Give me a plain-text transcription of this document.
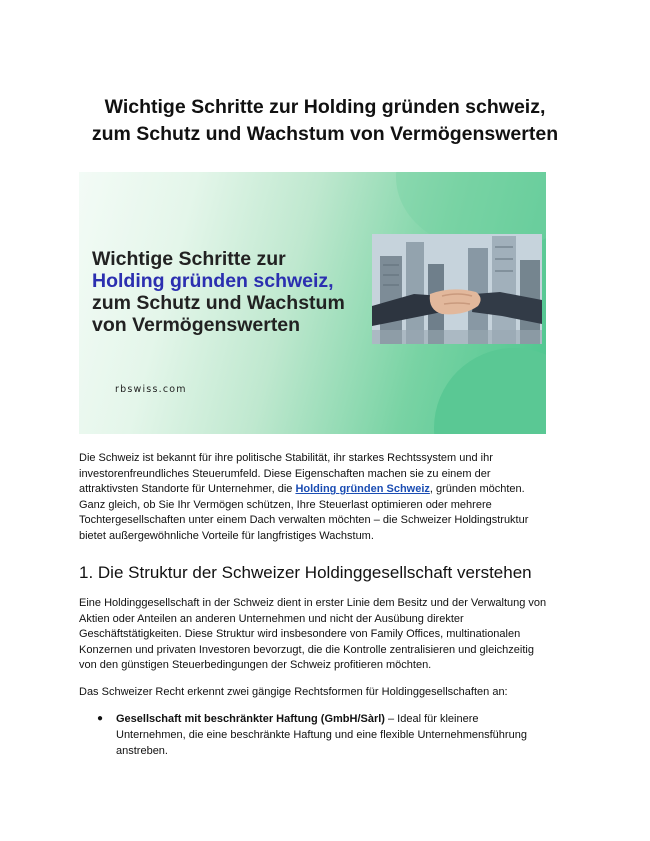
Wichtige Schritte zur Holding gründen schweiz,
zum Schutz und Wachstum von Vermögenswerten
Wichtige Schritte zur
Holding gründen schweiz,
zum Schutz und Wachstum
von Vermögenswerten
rbswiss.com
Die Schweiz ist bekannt für ihre politische Stabilität, ihr starkes Rechtssystem und ihr
investorenfreundliches Steuerumfeld. Diese Eigenschaften machen sie zu einem der
attraktivsten Standorte für Unternehmer, die Holding gründen Schweiz, gründen möchten.
Ganz gleich, ob Sie Ihr Vermögen schützen, Ihre Steuerlast optimieren oder mehrere
Tochtergesellschaften unter einem Dach verwalten möchten – die Schweizer Holdingstruktur
bietet außergewöhnliche Vorteile für langfristiges Wachstum.
1. Die Struktur der Schweizer Holdinggesellschaft verstehen
Eine Holdinggesellschaft in der Schweiz dient in erster Linie dem Besitz und der Verwaltung von
Aktien oder Anteilen an anderen Unternehmen und nicht der Ausübung direkter
Geschäftstätigkeiten. Diese Struktur wird insbesondere von Family Offices, multinationalen
Konzernen und privaten Investoren bevorzugt, die die Kontrolle zentralisieren und gleichzeitig
von den günstigen Steuerbedingungen der Schweiz profitieren möchten.
Das Schweizer Recht erkennt zwei gängige Rechtsformen für Holdinggesellschaften an:
● Gesellschaft mit beschränkter Haftung (GmbH/Sàrl) – Ideal für kleinere
Unternehmen, die eine beschränkte Haftung und eine flexible Unternehmensführung
anstreben.
